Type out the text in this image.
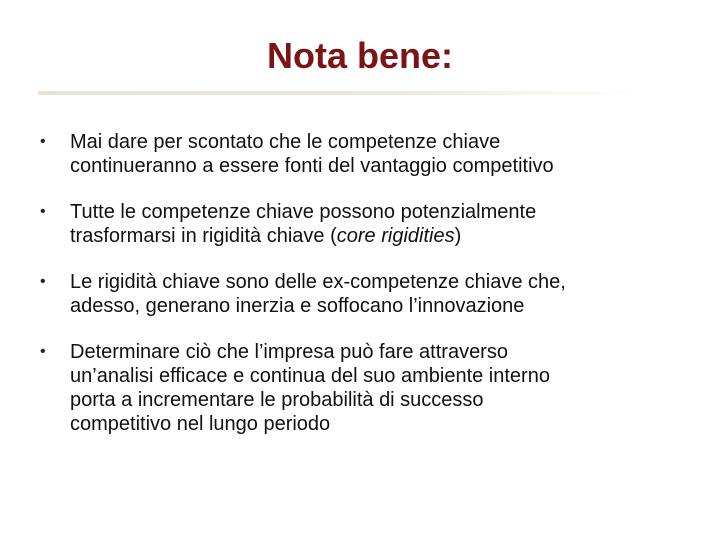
Nota bene:
•	Mai dare per scontato che le competenze chiave
continueranno a essere fonti del vantaggio competitivo
•	Tutte le competenze chiave possono potenzialmente
trasformarsi in rigidità chiave (core rigidities)
•	Le rigidità chiave sono delle ex-competenze chiave che,
adesso, generano inerzia e soffocano l’innovazione
•	Determinare ciò che l’impresa può fare attraverso
un’analisi efficace e continua del suo ambiente interno
porta a incrementare le probabilità di successo
competitivo nel lungo periodo
